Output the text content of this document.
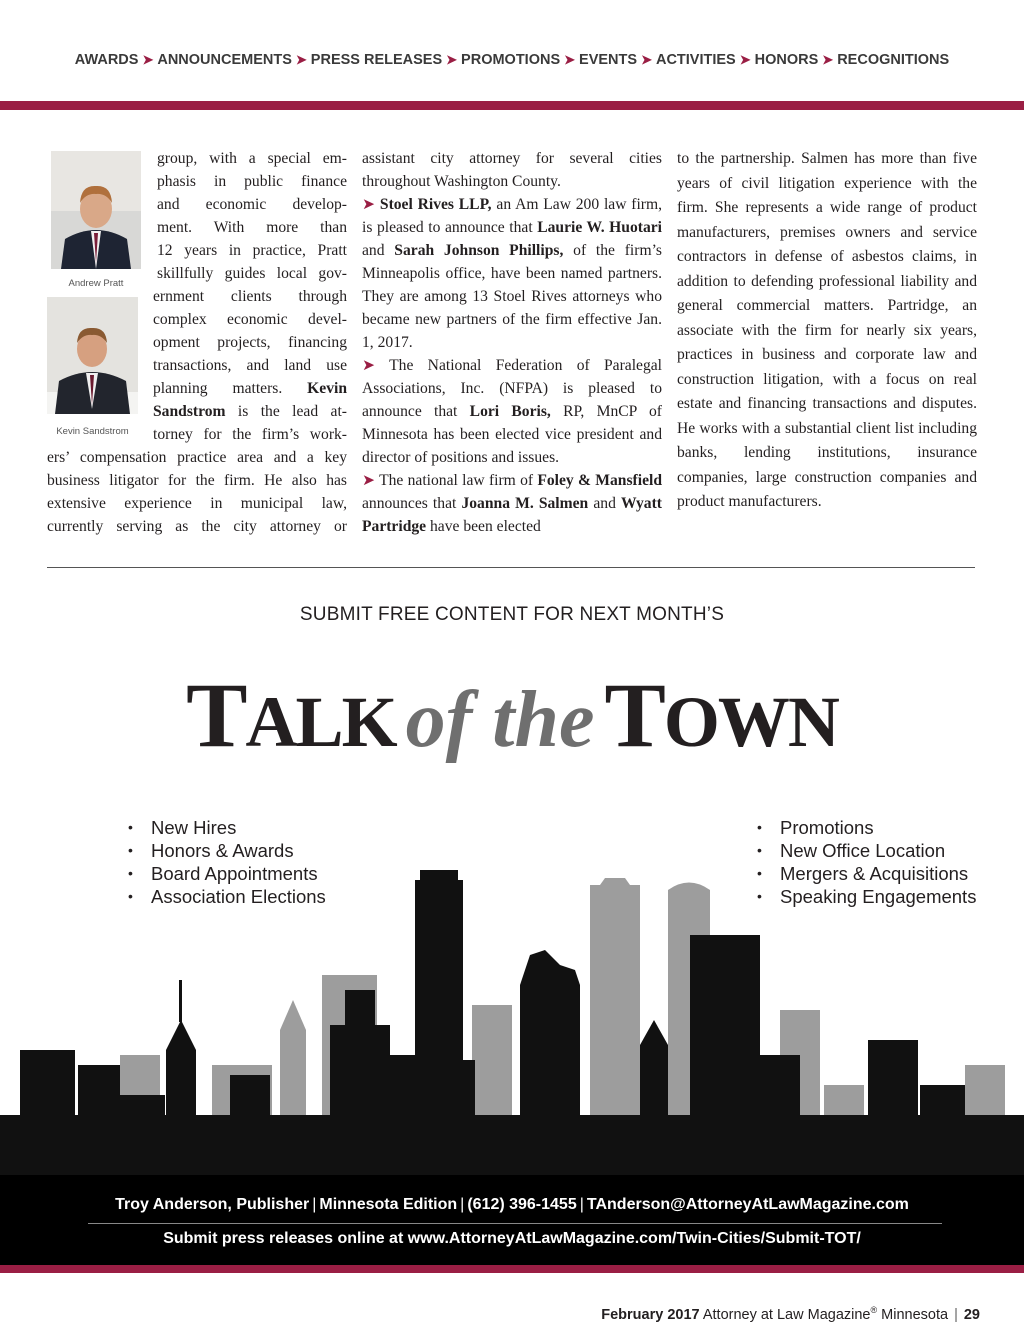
AWARDS ➤ ANNOUNCEMENTS ➤ PRESS RELEASES ➤ PROMOTIONS ➤ EVENTS ➤ ACTIVITIES ➤ HONORS ➤ RECOGNITIONS
Andrew Pratt
Kevin Sandstrom
group, with a special em-
phasis in public finance
and economic develop-
ment. With more than
12 years in practice, Pratt
skillfully guides local gov-
ernment clients through
complex economic devel-
opment projects, financing
transactions, and land use
planning matters. Kevin
Sandstrom is the lead at-
torney for the firm’s work-
ers’ compensation practice area and a key
business litigator for the firm. He also has
extensive experience in municipal law,
currently serving as the city attorney or

assistant city attorney for several cities throughout Washington County.

➤ Stoel Rives LLP, an Am Law 200 law firm, is pleased to announce that Laurie W. Huotari and Sarah Johnson Phillips, of the firm’s Minneapolis office, have been named partners. They are among 13 Stoel Rives attorneys who became new partners of the firm effective Jan. 1, 2017.

➤ The National Federation of Paralegal Associations, Inc. (NFPA) is pleased to announce that Lori Boris, RP, MnCP of Minnesota has been elected vice president and director of positions and issues.

➤ The national law firm of Foley & Mansfield announces that Joanna M. Salmen and Wyatt Partridge have been elected

to the partnership. Salmen has more than five years of civil litigation experience with the firm. She represents a wide range of product manufacturers, premises owners and service contractors in defense of asbestos claims, in addition to defending professional liability and general commercial matters. Partridge, an associate with the firm for nearly six years, practices in business and corporate law and construction litigation, with a focus on real estate and financing transactions and disputes. He works with a substantial client list including banks, lending institutions, insurance companies, large construction companies and product manufacturers.

SUBMIT FREE CONTENT FOR NEXT MONTH’S
TALK of the TOWN
• New Hires
• Honors & Awards
• Board Appointments
• Association Elections
• Promotions
• New Office Location
• Mergers & Acquisitions
• Speaking Engagements
Troy Anderson, Publisher | Minnesota Edition | (612) 396-1455 | TAnderson@AttorneyAtLawMagazine.com
Submit press releases online at www.AttorneyAtLawMagazine.com/Twin-Cities/Submit-TOT/
February 2017 Attorney at Law Magazine® Minnesota | 29
